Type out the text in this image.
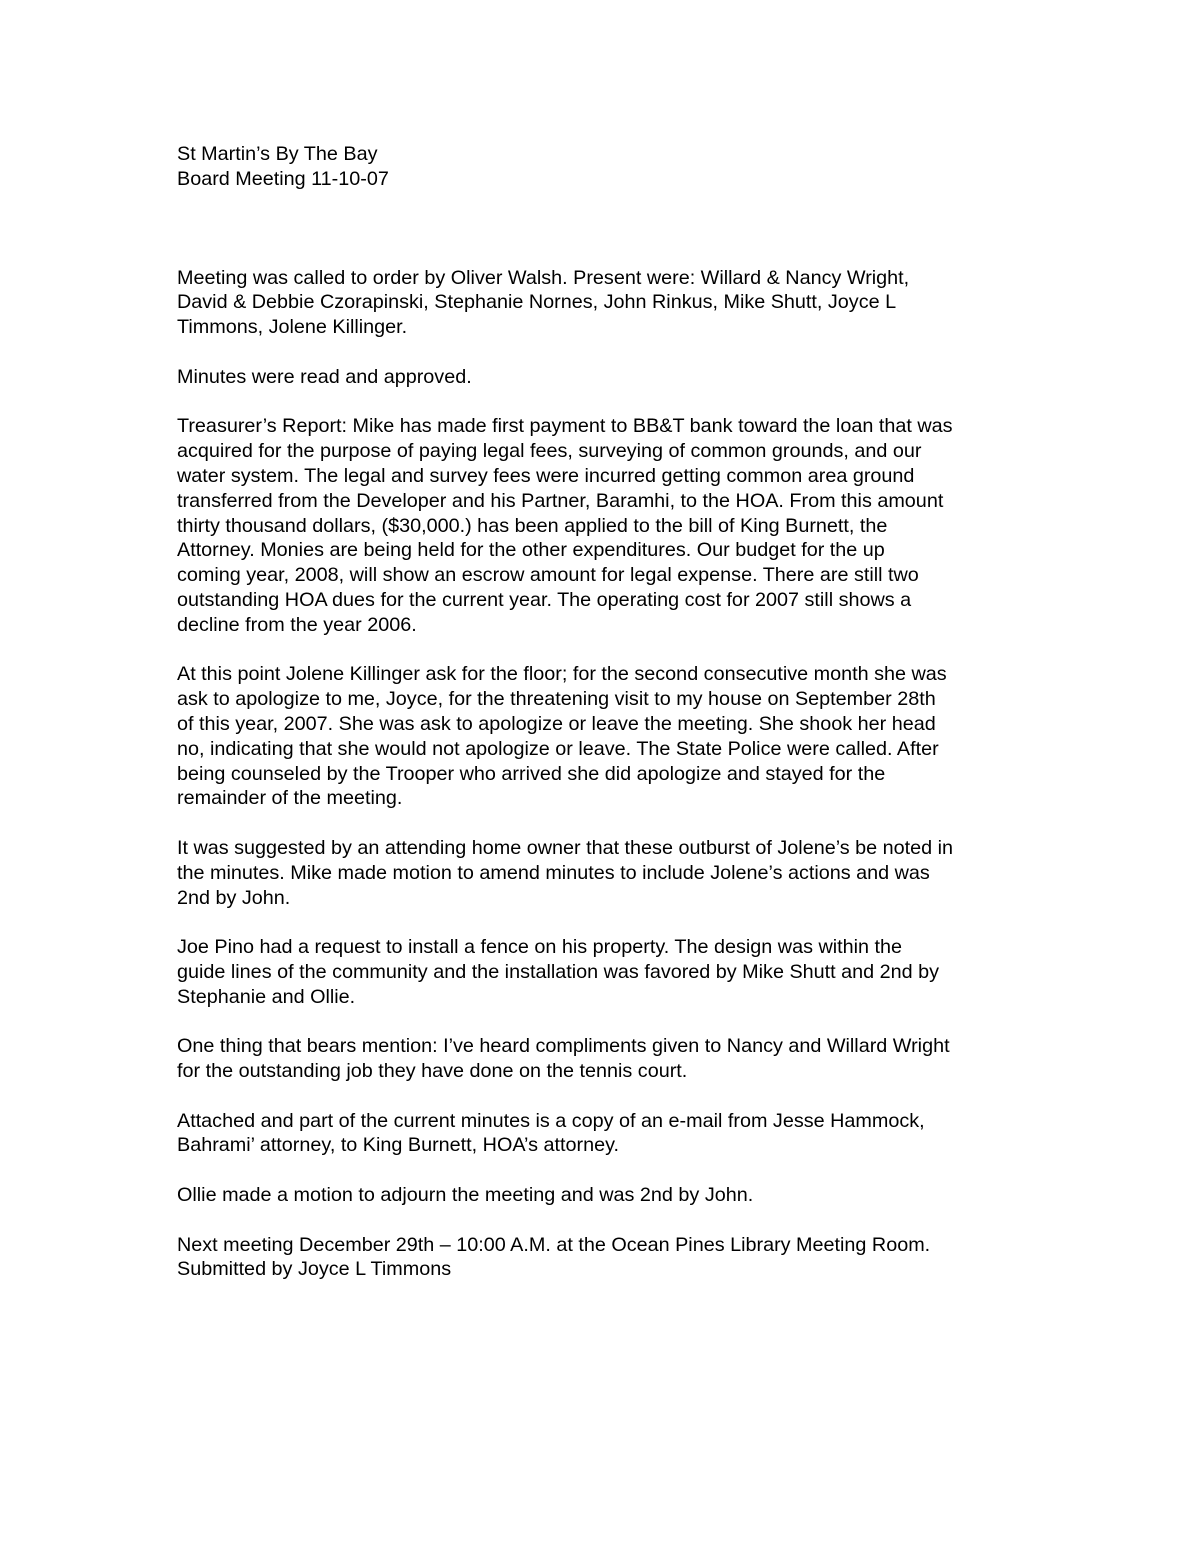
St Martin’s By The Bay

Board Meeting 11-10-07

Meeting was called to order by Oliver Walsh. Present were: Willard & Nancy Wright,
David & Debbie Czorapinski, Stephanie Nornes, John Rinkus, Mike Shutt, Joyce L
Timmons, Jolene Killinger.

Minutes were read and approved.

Treasurer’s Report: Mike has made first payment to BB&T bank toward the loan that was
acquired for the purpose of paying legal fees, surveying of common grounds, and our
water system. The legal and survey fees were incurred getting common area ground
transferred from the Developer and his Partner, Baramhi, to the HOA. From this amount
thirty thousand dollars, ($30,000.) has been applied to the bill of King Burnett, the
Attorney. Monies are being held for the other expenditures. Our budget for the up
coming year, 2008, will show an escrow amount for legal expense. There are still two
outstanding HOA dues for the current year. The operating cost for 2007 still shows a
decline from the year 2006.

At this point Jolene Killinger ask for the floor; for the second consecutive month she was
ask to apologize to me, Joyce, for the threatening visit to my house on September 28th
of this year, 2007. She was ask to apologize or leave the meeting. She shook her head
no, indicating that she would not apologize or leave. The State Police were called. After
being counseled by the Trooper who arrived she did apologize and stayed for the
remainder of the meeting.

It was suggested by an attending home owner that these outburst of Jolene’s be noted in
the minutes. Mike made motion to amend minutes to include Jolene’s actions and was
2nd by John.

Joe Pino had a request to install a fence on his property. The design was within the
guide lines of the community and the installation was favored by Mike Shutt and 2nd by
Stephanie and Ollie.

One thing that bears mention: I’ve heard compliments given to Nancy and Willard Wright
for the outstanding job they have done on the tennis court.

Attached and part of the current minutes is a copy of an e-mail from Jesse Hammock,
Bahrami’ attorney, to King Burnett, HOA’s attorney.

Ollie made a motion to adjourn the meeting and was 2nd by John.

Next meeting December 29th – 10:00 A.M. at the Ocean Pines Library Meeting Room.
Submitted by Joyce L Timmons
